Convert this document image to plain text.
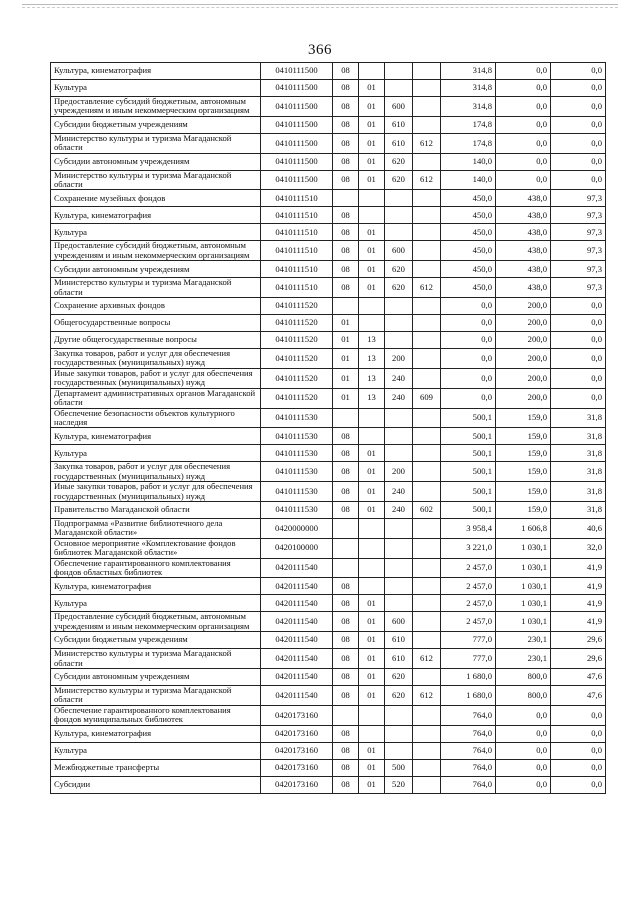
366
Культура, кинематография	0410111500	08				314,8	0,0	0,0
Культура	0410111500	08	01			314,8	0,0	0,0
Предоставление субсидий бюджетным, автономным учреждениям и иным некоммерческим организациям	0410111500	08	01	600		314,8	0,0	0,0
Субсидии бюджетным учреждениям	0410111500	08	01	610		174,8	0,0	0,0
Министерство культуры и туризма Магаданской области	0410111500	08	01	610	612	174,8	0,0	0,0
Субсидии автономным учреждениям	0410111500	08	01	620		140,0	0,0	0,0
Министерство культуры и туризма Магаданской области	0410111500	08	01	620	612	140,0	0,0	0,0
Сохранение музейных фондов	0410111510					450,0	438,0	97,3
Культура, кинематография	0410111510	08				450,0	438,0	97,3
Культура	0410111510	08	01			450,0	438,0	97,3
Предоставление субсидий бюджетным, автономным учреждениям и иным некоммерческим организациям	0410111510	08	01	600		450,0	438,0	97,3
Субсидии автономным учреждениям	0410111510	08	01	620		450,0	438,0	97,3
Министерство культуры и туризма Магаданской области	0410111510	08	01	620	612	450,0	438,0	97,3
Сохранение архивных фондов	0410111520					0,0	200,0	0,0
Общегосударственные вопросы	0410111520	01				0,0	200,0	0,0
Другие общегосударственные вопросы	0410111520	01	13			0,0	200,0	0,0
Закупка товаров, работ и услуг для обеспечения государственных (муниципальных) нужд	0410111520	01	13	200		0,0	200,0	0,0
Иные закупки товаров, работ и услуг для обеспечения государственных (муниципальных) нужд	0410111520	01	13	240		0,0	200,0	0,0
Департамент административных органов Магаданской области	0410111520	01	13	240	609	0,0	200,0	0,0
Обеспечение безопасности объектов культурного наследия	0410111530					500,1	159,0	31,8
Культура, кинематография	0410111530	08				500,1	159,0	31,8
Культура	0410111530	08	01			500,1	159,0	31,8
Закупка товаров, работ и услуг для обеспечения государственных (муниципальных) нужд	0410111530	08	01	200		500,1	159,0	31,8
Иные закупки товаров, работ и услуг для обеспечения государственных (муниципальных) нужд	0410111530	08	01	240		500,1	159,0	31,8
Правительство Магаданской области	0410111530	08	01	240	602	500,1	159,0	31,8
Подпрограмма «Развитие библиотечного дела Магаданской области»	0420000000					3 958,4	1 606,8	40,6
Основное мероприятие «Комплектование фондов библиотек Магаданской области»	0420100000					3 221,0	1 030,1	32,0
Обеспечение гарантированного комплектования фондов областных библиотек	0420111540					2 457,0	1 030,1	41,9
Культура, кинематография	0420111540	08				2 457,0	1 030,1	41,9
Культура	0420111540	08	01			2 457,0	1 030,1	41,9
Предоставление субсидий бюджетным, автономным учреждениям и иным некоммерческим организациям	0420111540	08	01	600		2 457,0	1 030,1	41,9
Субсидии бюджетным учреждениям	0420111540	08	01	610		777,0	230,1	29,6
Министерство культуры и туризма Магаданской области	0420111540	08	01	610	612	777,0	230,1	29,6
Субсидии автономным учреждениям	0420111540	08	01	620		1 680,0	800,0	47,6
Министерство культуры и туризма Магаданской области	0420111540	08	01	620	612	1 680,0	800,0	47,6
Обеспечение гарантированного комплектования фондов муниципальных библиотек	0420173160					764,0	0,0	0,0
Культура, кинематография	0420173160	08				764,0	0,0	0,0
Культура	0420173160	08	01			764,0	0,0	0,0
Межбюджетные трансферты	0420173160	08	01	500		764,0	0,0	0,0
Субсидии	0420173160	08	01	520		764,0	0,0	0,0
